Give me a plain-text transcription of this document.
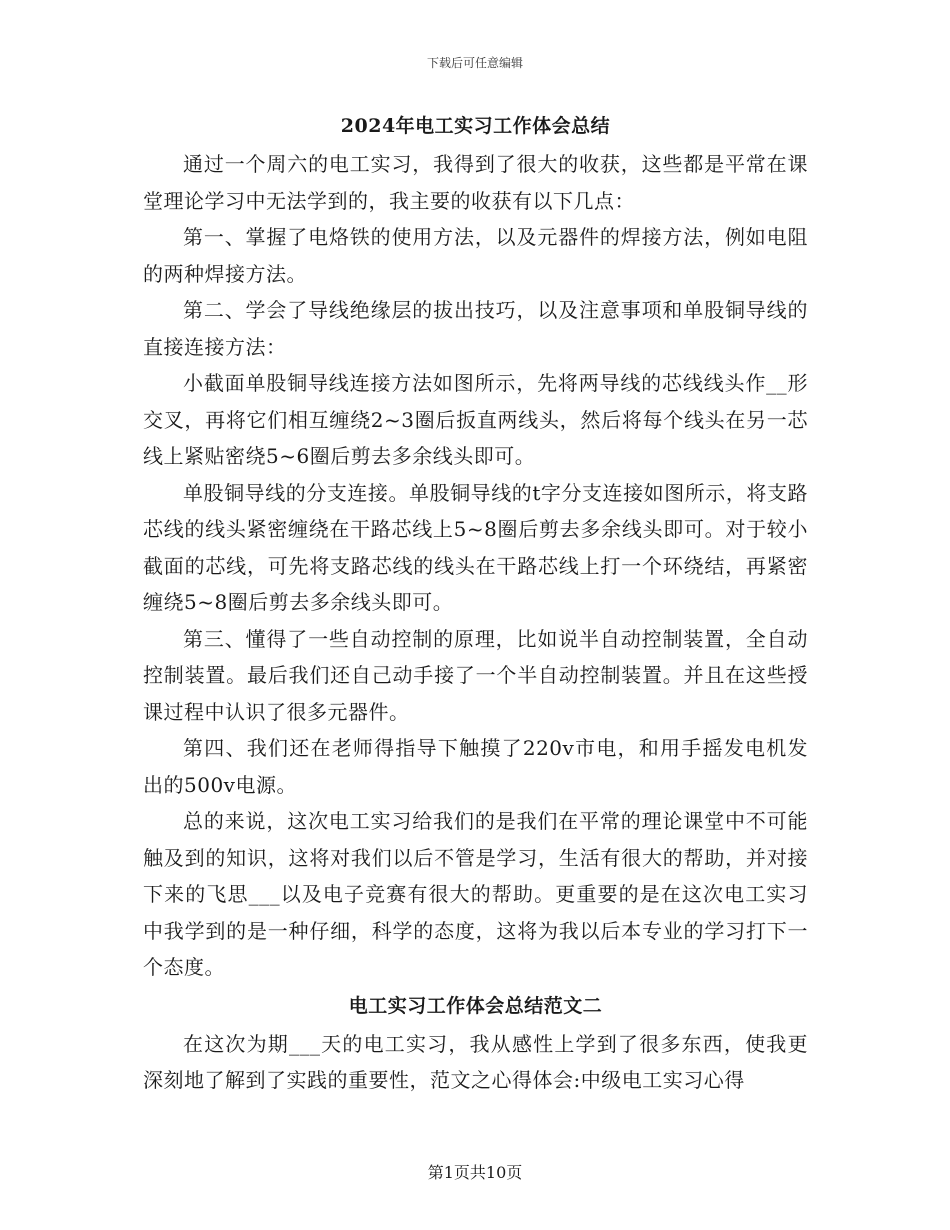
下载后可任意编辑
2024年电工实习工作体会总结

通过一个周六的电工实习，我得到了很大的收获，这些都是平常在课堂理论学习中无法学到的，我主要的收获有以下几点：

第一、掌握了电烙铁的使用方法，以及元器件的焊接方法，例如电阻的两种焊接方法。

第二、学会了导线绝缘层的拔出技巧，以及注意事项和单股铜导线的直接连接方法：

小截面单股铜导线连接方法如图所示，先将两导线的芯线线头作__形交叉，再将它们相互缠绕2~3圈后扳直两线头，然后将每个线头在另一芯线上紧贴密绕5~6圈后剪去多余线头即可。

单股铜导线的分支连接。单股铜导线的t字分支连接如图所示，将支路芯线的线头紧密缠绕在干路芯线上5~8圈后剪去多余线头即可。对于较小截面的芯线，可先将支路芯线的线头在干路芯线上打一个环绕结，再紧密缠绕5~8圈后剪去多余线头即可。

第三、懂得了一些自动控制的原理，比如说半自动控制装置，全自动控制装置。最后我们还自己动手接了一个半自动控制装置。并且在这些授课过程中认识了很多元器件。

第四、我们还在老师得指导下触摸了220v市电，和用手摇发电机发出的500v电源。

总的来说，这次电工实习给我们的是我们在平常的理论课堂中不可能触及到的知识，这将对我们以后不管是学习，生活有很大的帮助，并对接下来的飞思___以及电子竞赛有很大的帮助。更重要的是在这次电工实习中我学到的是一种仔细，科学的态度，这将为我以后本专业的学习打下一个态度。

电工实习工作体会总结范文二

在这次为期___天的电工实习，我从感性上学到了很多东西，使我更深刻地了解到了实践的重要性，范文之心得体会:中级电工实习心得

第1页共10页
